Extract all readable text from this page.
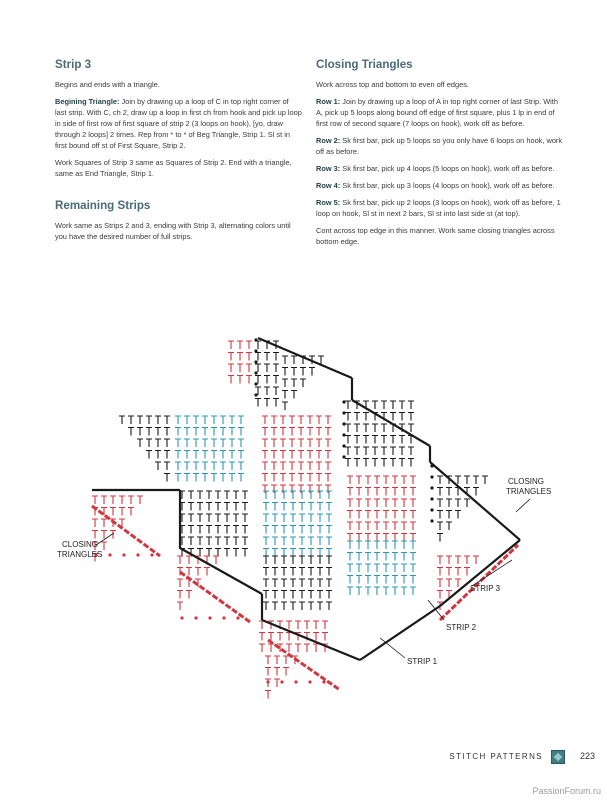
Strip 3

Begins and ends with a triangle.

Begining Triangle: Join by drawing up a loop of C in top right corner of last strip. With C, ch 2, draw up a loop in first ch from hook and pick up loop in side of first row of first square of strip 2 (3 loops on hook), [yo, draw through 2 loops] 2 times. Rep from * to * of Beg Triangle, Strip 1. Sl st in first bound off st of First Square, Strip 2.

Work Squares of Strip 3 same as Squares of Strip 2. End with a triangle, same as End Triangle, Strip 1.

Remaining Strips

Work same as Strips 2 and 3, ending with Strip 3, alternating colors until you have the desired number of full strips.

Closing Triangles

Work across top and bottom to even off edges.

Row 1: Join by drawing up a loop of A in top right corner of last Strip. With A, pick up 5 loops along bound off edge of first square, plus 1 lp in end of first row of second square (7 loops on hook), work off as before.

Row 2: Sk first bar, pick up 5 loops so you only have 6 loops on hook, work off as before.

Row 3: Sk first bar, pick up 4 loops (5 loops on hook), work off as before.

Row 4: Sk first bar, pick up 3 loops (4 loops on hook), work off as before.

Row 5: Sk first bar, pick up 2 loops (3 loops on hook), work off as before, 1 loop on hook, Sl st in next 2 bars, Sl st into last side st (at top).

Cont across top edge in this manner. Work same closing triangles across bottom edge.

CLOSING
TRIANGLES
CLOSING
TRIANGLES
STRIP 3
STRIP 2
STRIP 1
STITCH PATTERNS	223
PassionForum.ru
